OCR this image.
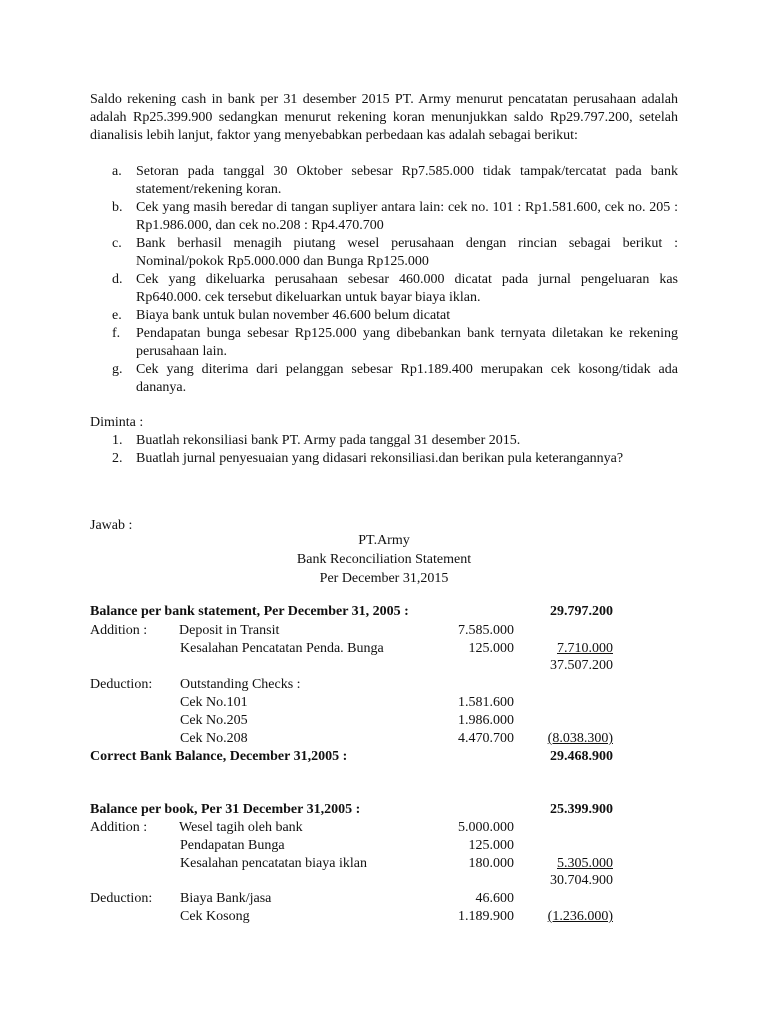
Saldo rekening cash in bank per 31 desember 2015 PT. Army menurut pencatatan perusahaan adalah adalah Rp25.399.900 sedangkan menurut rekening koran menunjukkan saldo Rp29.797.200, setelah dianalisis lebih lanjut, faktor yang menyebabkan perbedaan kas adalah sebagai berikut:

a. Setoran pada tanggal 30 Oktober sebesar Rp7.585.000 tidak tampak/tercatat pada bank statement/rekening koran.
b. Cek yang masih beredar di tangan supliyer antara lain: cek no. 101 : Rp1.581.600, cek no. 205 : Rp1.986.000, dan cek no.208 : Rp4.470.700
c. Bank berhasil menagih piutang wesel perusahaan dengan rincian sebagai berikut : Nominal/pokok Rp5.000.000 dan Bunga Rp125.000
d. Cek yang dikeluarka perusahaan sebesar 460.000 dicatat pada jurnal pengeluaran kas Rp640.000. cek tersebut dikeluarkan untuk bayar biaya iklan.
e. Biaya bank untuk bulan november 46.600 belum dicatat
f. Pendapatan bunga sebesar Rp125.000 yang dibebankan bank ternyata diletakan ke rekening perusahaan lain.
g. Cek yang diterima dari pelanggan sebesar Rp1.189.400 merupakan cek kosong/tidak ada dananya.
Diminta :
1. Buatlah rekonsiliasi bank PT. Army pada tanggal 31 desember 2015.
2. Buatlah jurnal penyesuaian yang didasari rekonsiliasi.dan berikan pula keterangannya?
Jawab :
PT.Army
Bank Reconciliation Statement
Per December 31,2015
Balance per bank statement, Per December 31, 2005 :	29.797.200
Addition : Deposit in Transit	7.585.000
Kesalahan Pencatatan Penda. Bunga	125.000	7.710.000
37.507.200
Deduction: Outstanding Checks :
Cek No.101	1.581.600
Cek No.205	1.986.000
Cek No.208	4.470.700 (8.038.300)
Correct Bank Balance, December 31,2005 :	29.468.900
Balance per book, Per 31 December 31,2005 :	25.399.900
Addition : Wesel tagih oleh bank	5.000.000
Pendapatan Bunga	125.000
Kesalahan pencatatan biaya iklan	180.000	5.305.000
30.704.900
Deduction: Biaya Bank/jasa	46.600
Cek Kosong	1.189.900 (1.236.000)
